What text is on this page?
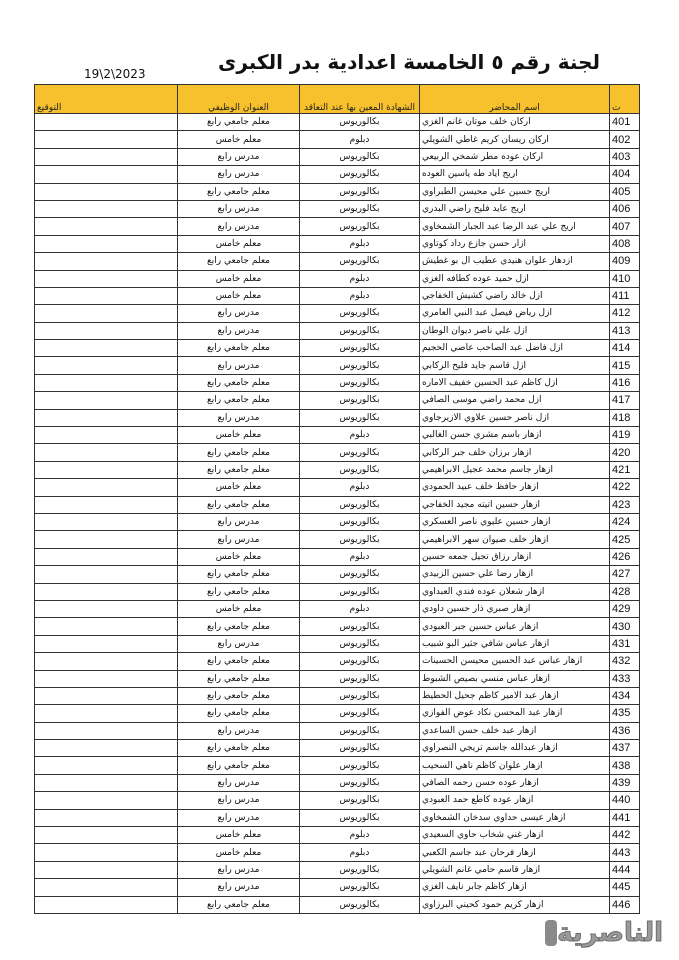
لجنة رقم ٥ الخامسة اعدادية بدر الكبرى
19\2\2023
ت	اسم المحاضر	الشهادة المعين بها عند التعاقد	العنوان الوظيفي	التوقيع
401	اركان خلف موتان غانم الغزي	بكالوريوس	معلم جامعي رابع	
402	اركان ريسان كريم غاطي الشويلي	دبلوم	معلم خامس	
403	اركان عوده مطر شمخي الربيعي	بكالوريوس	مدرس رابع	
404	اريج اياد طه ياسين العوده	بكالوريوس	مدرس رابع	
405	اريج حسين علي محيسن الطبراوي	بكالوريوس	معلم جامعي رابع	
406	اريج عايد فليح راضي البدري	بكالوريوس	مدرس رابع	
407	اريج علي عبد الرضا عبد الجبار الشمخاوي	بكالوريوس	مدرس رابع	
408	ازار حسن جازع رداد كوتاوي	دبلوم	معلم خامس	
409	ازدهار علوان هنيدي عطيب ال بو غطيش	بكالوريوس	معلم جامعي رابع	
410	ازل حميد عوده كطافه الغزي	دبلوم	معلم خامس	
411	ازل خالد راضي كشيش الخفاجي	دبلوم	معلم خامس	
412	ازل رياض فيصل عبد النبي العامري	بكالوريوس	مدرس رابع	
413	ازل علي ناصر ديوان الوطان	بكالوريوس	مدرس رابع	
414	ازل فاضل عبد الصاحب عاصي الحجيم	بكالوريوس	معلم جامعي رابع	
415	ازل قاسم جايد فليح الركابي	بكالوريوس	مدرس رابع	
416	ازل كاظم عبد الحسين خفيف الاماره	بكالوريوس	معلم جامعي رابع	
417	ازل محمد راضي موسى الصافي	بكالوريوس	معلم جامعي رابع	
418	ازل ناصر حسين علاوي الازيرجاوي	بكالوريوس	مدرس رابع	
419	ازهار باسم مشري حسن الغالبي	دبلوم	معلم خامس	
420	ازهار برزان خلف جبر الركابي	بكالوريوس	معلم جامعي رابع	
421	ازهار جاسم محمد عجيل الابراهيمي	بكالوريوس	معلم جامعي رابع	
422	ازهار حافظ خلف عبيد الحمودي	دبلوم	معلم خامس	
423	ازهار حسين اتيته مجيد الخفاجي	بكالوريوس	معلم جامعي رابع	
424	ازهار حسين عليوي ناصر العسكري	بكالوريوس	مدرس رابع	
425	ازهار خلف صيوان سهر الابراهيمي	بكالوريوس	مدرس رابع	
426	ازهار رزاق تجيل جمعه حسين	دبلوم	معلم خامس	
427	ازهار رضا علي حسين الزبيدي	بكالوريوس	معلم جامعي رابع	
428	ازهار شعلان عوده فندي العبداوي	بكالوريوس	معلم جامعي رابع	
429	ازهار صبري ذار حسين داودي	دبلوم	معلم خامس	
430	ازهار عباس حسين جبر العبودي	بكالوريوس	معلم جامعي رابع	
431	ازهار عباس شافي جثير البو شبيب	بكالوريوس	مدرس رابع	
432	ازهار عباس عبد الحسين محيسن الحسينات	بكالوريوس	معلم جامعي رابع	
433	ازهار عباس منسي بصيص الشبوط	بكالوريوس	معلم جامعي رابع	
434	ازهار عبد الامير كاظم جحيل الحطيط	بكالوريوس	معلم جامعي رابع	
435	ازهار عبد المحسن نكاد عوض الفوازي	بكالوريوس	معلم جامعي رابع	
436	ازهار عبد خلف حسن الساعدي	بكالوريوس	مدرس رابع	
437	ازهار عبدالله جاسم تريجي النصراوي	بكالوريوس	معلم جامعي رابع	
438	ازهار علوان كاظم ناهي السحيب	بكالوريوس	معلم جامعي رابع	
439	ازهار عوده حسن رحمه الصافي	بكالوريوس	مدرس رابع	
440	ازهار عوده كاطع حمد العبودي	بكالوريوس	مدرس رابع	
441	ازهار عيسى حداوي سدخان الشمخاوي	بكالوريوس	مدرس رابع	
442	ازهار غني شخاب حاوي السعيدي	دبلوم	معلم خامس	
443	ازهار فرحان عبد جاسم الكعبي	دبلوم	معلم خامس	
444	ازهار قاسم حامي غانم الشويلي	بكالوريوس	مدرس رابع	
445	ازهار كاظم جابر نايف الغزي	بكالوريوس	مدرس رابع	
446	ازهار كريم حمود كحيني البرزاوي	بكالوريوس	معلم جامعي رابع	
الناصرية
